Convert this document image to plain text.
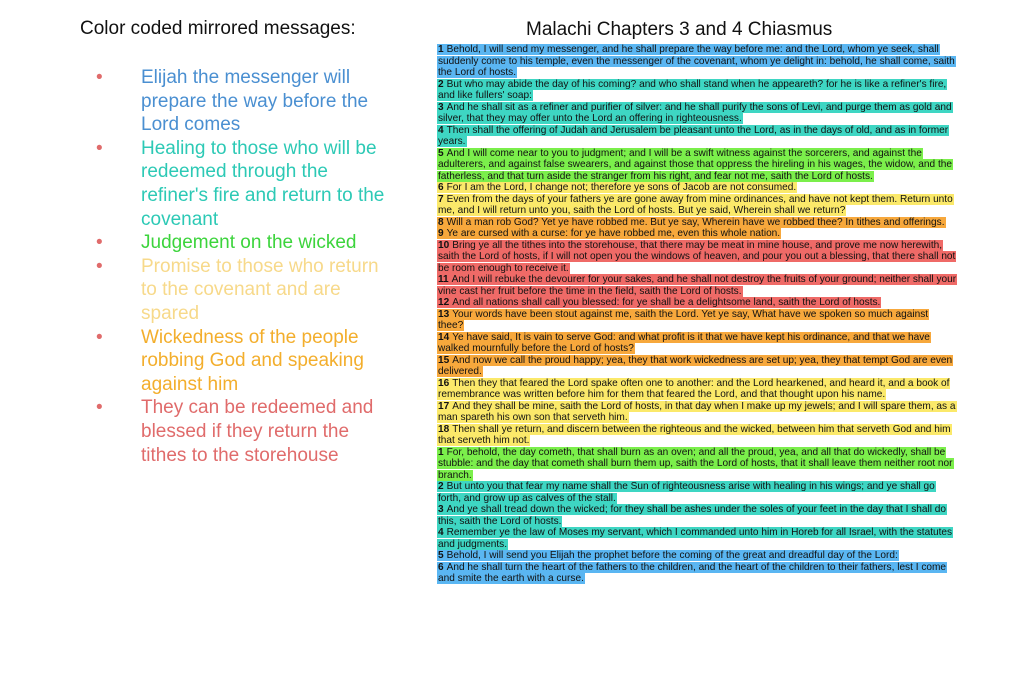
Color coded mirrored messages:
• Elijah the messenger will prepare the way before the Lord comes
• Healing to those who will be redeemed through the refiner's fire and return to the covenant
• Judgement on the wicked
• Promise to those who return to the covenant and are spared
• Wickedness of the people robbing God and speaking against him
• They can be redeemed and blessed if they return the tithes to the storehouse
Malachi Chapters 3 and 4 Chiasmus

1 Behold, I will send my messenger, and he shall prepare the way before me: and the Lord, whom ye seek, shall suddenly come to his temple, even the messenger of the covenant, whom ye delight in: behold, he shall come, saith the Lord of hosts.

2 But who may abide the day of his coming? and who shall stand when he appeareth? for he is like a refiner's fire, and like fullers' soap:

3 And he shall sit as a refiner and purifier of silver: and he shall purify the sons of Levi, and purge them as gold and silver, that they may offer unto the Lord an offering in righteousness.

4 Then shall the offering of Judah and Jerusalem be pleasant unto the Lord, as in the days of old, and as in former years.

5 And I will come near to you to judgment; and I will be a swift witness against the sorcerers, and against the adulterers, and against false swearers, and against those that oppress the hireling in his wages, the widow, and the fatherless, and that turn aside the stranger from his right, and fear not me, saith the Lord of hosts.

6 For I am the Lord, I change not; therefore ye sons of Jacob are not consumed.

7 Even from the days of your fathers ye are gone away from mine ordinances, and have not kept them. Return unto me, and I will return unto you, saith the Lord of hosts. But ye said, Wherein shall we return?

8 Will a man rob God? Yet ye have robbed me. But ye say, Wherein have we robbed thee? In tithes and offerings.

9 Ye are cursed with a curse: for ye have robbed me, even this whole nation.

10 Bring ye all the tithes into the storehouse, that there may be meat in mine house, and prove me now herewith, saith the Lord of hosts, if I will not open you the windows of heaven, and pour you out a blessing, that there shall not be room enough to receive it.

11 And I will rebuke the devourer for your sakes, and he shall not destroy the fruits of your ground; neither shall your vine cast her fruit before the time in the field, saith the Lord of hosts.

12 And all nations shall call you blessed: for ye shall be a delightsome land, saith the Lord of hosts.

13 Your words have been stout against me, saith the Lord. Yet ye say, What have we spoken so much against thee?

14 Ye have said, It is vain to serve God: and what profit is it that we have kept his ordinance, and that we have walked mournfully before the Lord of hosts?

15 And now we call the proud happy; yea, they that work wickedness are set up; yea, they that tempt God are even delivered.

16 Then they that feared the Lord spake often one to another: and the Lord hearkened, and heard it, and a book of remembrance was written before him for them that feared the Lord, and that thought upon his name.

17 And they shall be mine, saith the Lord of hosts, in that day when I make up my jewels; and I will spare them, as a man spareth his own son that serveth him.

18 Then shall ye return, and discern between the righteous and the wicked, between him that serveth God and him that serveth him not.

1 For, behold, the day cometh, that shall burn as an oven; and all the proud, yea, and all that do wickedly, shall be stubble: and the day that cometh shall burn them up, saith the Lord of hosts, that it shall leave them neither root nor branch.

2 But unto you that fear my name shall the Sun of righteousness arise with healing in his wings; and ye shall go forth, and grow up as calves of the stall.

3 And ye shall tread down the wicked; for they shall be ashes under the soles of your feet in the day that I shall do this, saith the Lord of hosts.

4 Remember ye the law of Moses my servant, which I commanded unto him in Horeb for all Israel, with the statutes and judgments.

5 Behold, I will send you Elijah the prophet before the coming of the great and dreadful day of the Lord:

6 And he shall turn the heart of the fathers to the children, and the heart of the children to their fathers, lest I come and smite the earth with a curse.
